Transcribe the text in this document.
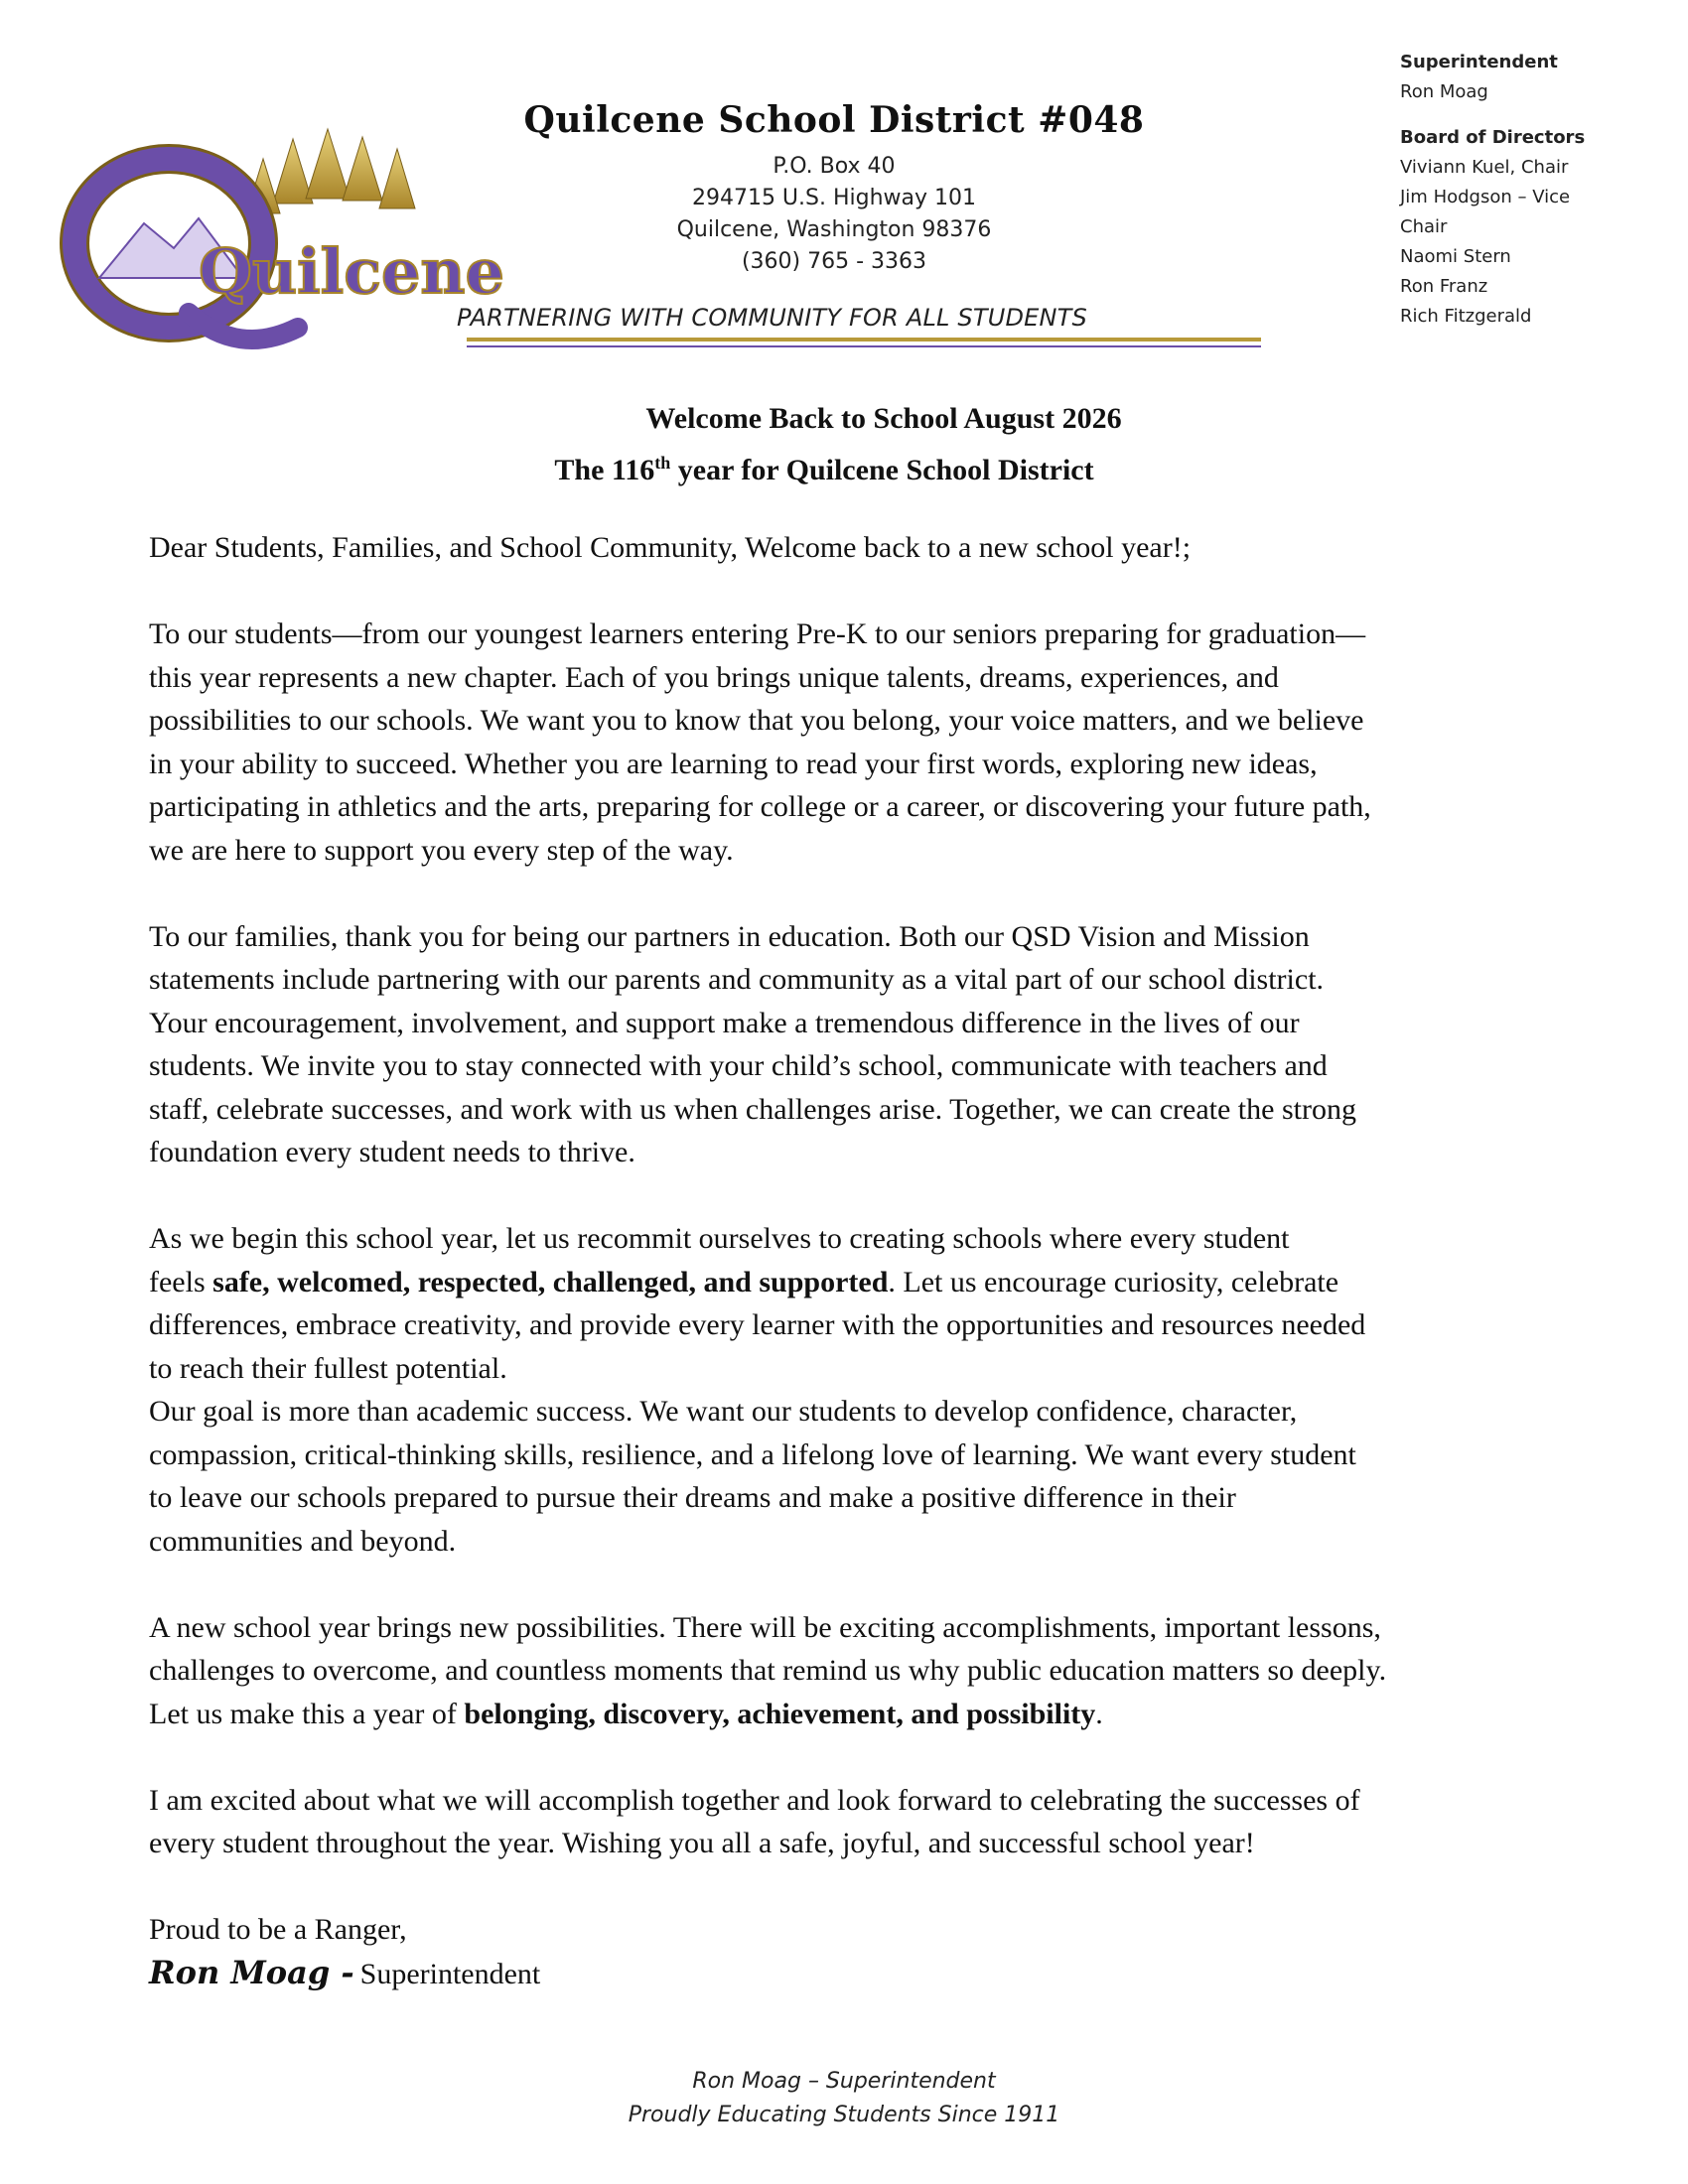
Quilcene
Quilcene School District #048
P.O. Box 40
294715 U.S. Highway 101
Quilcene, Washington 98376
(360) 765 - 3363
PARTNERING WITH COMMUNITY FOR ALL STUDENTS
Superintendent
Ron Moag
Board of Directors
Viviann Kuel, Chair
Jim Hodgson – Vice
Chair
Naomi Stern
Ron Franz
Rich Fitzgerald
Welcome Back to School August 2026
The 116th year for Quilcene School District

Dear Students, Families, and School Community, Welcome back to a new school year!;

To our students—from our youngest learners entering Pre-K to our seniors preparing for graduation—

this year represents a new chapter. Each of you brings unique talents, dreams, experiences, and

possibilities to our schools. We want you to know that you belong, your voice matters, and we believe

in your ability to succeed. Whether you are learning to read your first words, exploring new ideas,

participating in athletics and the arts, preparing for college or a career, or discovering your future path,

we are here to support you every step of the way.

To our families, thank you for being our partners in education. Both our QSD Vision and Mission

statements include partnering with our parents and community as a vital part of our school district.

Your encouragement, involvement, and support make a tremendous difference in the lives of our

students. We invite you to stay connected with your child’s school, communicate with teachers and

staff, celebrate successes, and work with us when challenges arise. Together, we can create the strong

foundation every student needs to thrive.

As we begin this school year, let us recommit ourselves to creating schools where every student

feels safe, welcomed, respected, challenged, and supported. Let us encourage curiosity, celebrate

differences, embrace creativity, and provide every learner with the opportunities and resources needed

to reach their fullest potential.

Our goal is more than academic success. We want our students to develop confidence, character,

compassion, critical-thinking skills, resilience, and a lifelong love of learning. We want every student

to leave our schools prepared to pursue their dreams and make a positive difference in their

communities and beyond.

A new school year brings new possibilities. There will be exciting accomplishments, important lessons,

challenges to overcome, and countless moments that remind us why public education matters so deeply.

Let us make this a year of belonging, discovery, achievement, and possibility.

I am excited about what we will accomplish together and look forward to celebrating the successes of

every student throughout the year. Wishing you all a safe, joyful, and successful school year!

Proud to be a Ranger,

Ron Moag - Superintendent
Ron Moag – Superintendent
Proudly Educating Students Since 1911
